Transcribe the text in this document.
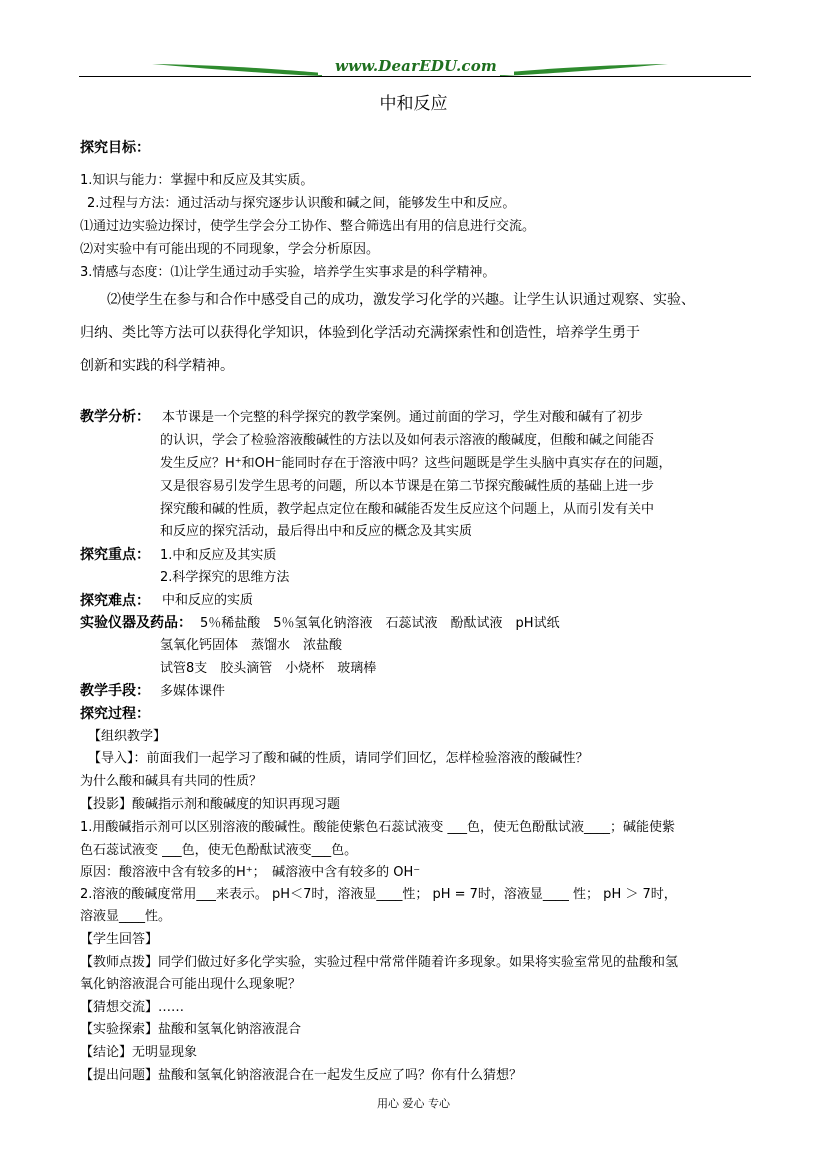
www.DearEDU.com
中和反应
探究目标：
1.知识与能力：掌握中和反应及其实质。
2.过程与方法：通过活动与探究逐步认识酸和碱之间，能够发生中和反应。
⑴通过边实验边探讨，使学生学会分工协作、整合筛选出有用的信息进行交流。
⑵对实验中有可能出现的不同现象，学会分析原因。
3.情感与态度：⑴让学生通过动手实验，培养学生实事求是的科学精神。
⑵使学生在参与和合作中感受自己的成功，激发学习化学的兴趣。让学生认识通过观察、实验、
归纳、类比等方法可以获得化学知识，体验到化学活动充满探索性和创造性，培养学生勇于
创新和实践的科学精神。
教学分析： 本节课是一个完整的科学探究的教学案例。通过前面的学习，学生对酸和碱有了初步
的认识，学会了检验溶液酸碱性的方法以及如何表示溶液的酸碱度，但酸和碱之间能否
发生反应？H⁺和OH⁻能同时存在于溶液中吗？这些问题既是学生头脑中真实存在的问题，
又是很容易引发学生思考的问题，所以本节课是在第二节探究酸碱性质的基础上进一步
探究酸和碱的性质，教学起点定位在酸和碱能否发生反应这个问题上，从而引发有关中
和反应的探究活动，最后得出中和反应的概念及其实质
探究重点： 1.中和反应及其实质
2.科学探究的思维方法
探究难点： 中和反应的实质
实验仪器及药品： 5％稀盐酸　5％氢氧化钠溶液　石蕊试液　酚酞试液　pH试纸
氢氧化钙固体　蒸馏水　浓盐酸
试管8支　胶头滴管　小烧杯　玻璃棒
教学手段： 多媒体课件
探究过程：
【组织教学】
【导入】：前面我们一起学习了酸和碱的性质，请同学们回忆，怎样检验溶液的酸碱性？
为什么酸和碱具有共同的性质？
【投影】酸碱指示剂和酸碱度的知识再现习题
1.用酸碱指示剂可以区别溶液的酸碱性。酸能使紫色石蕊试液变 ___色，使无色酚酞试液____；碱能使紫
色石蕊试液变 ___色，使无色酚酞试液变___色。
原因：酸溶液中含有较多的H⁺；　碱溶液中含有较多的 OH⁻
2.溶液的酸碱度常用___来表示。 pH＜7时，溶液显____性； pH = 7时，溶液显____ 性； pH ＞ 7时，
溶液显____性。
【学生回答】
【教师点拨】同学们做过好多化学实验，实验过程中常常伴随着许多现象。如果将实验室常见的盐酸和氢
氧化钠溶液混合可能出现什么现象呢？
【猜想交流】……
【实验探索】盐酸和氢氧化钠溶液混合
【结论】无明显现象
【提出问题】盐酸和氢氧化钠溶液混合在一起发生反应了吗？你有什么猜想？
用心 爱心 专心
